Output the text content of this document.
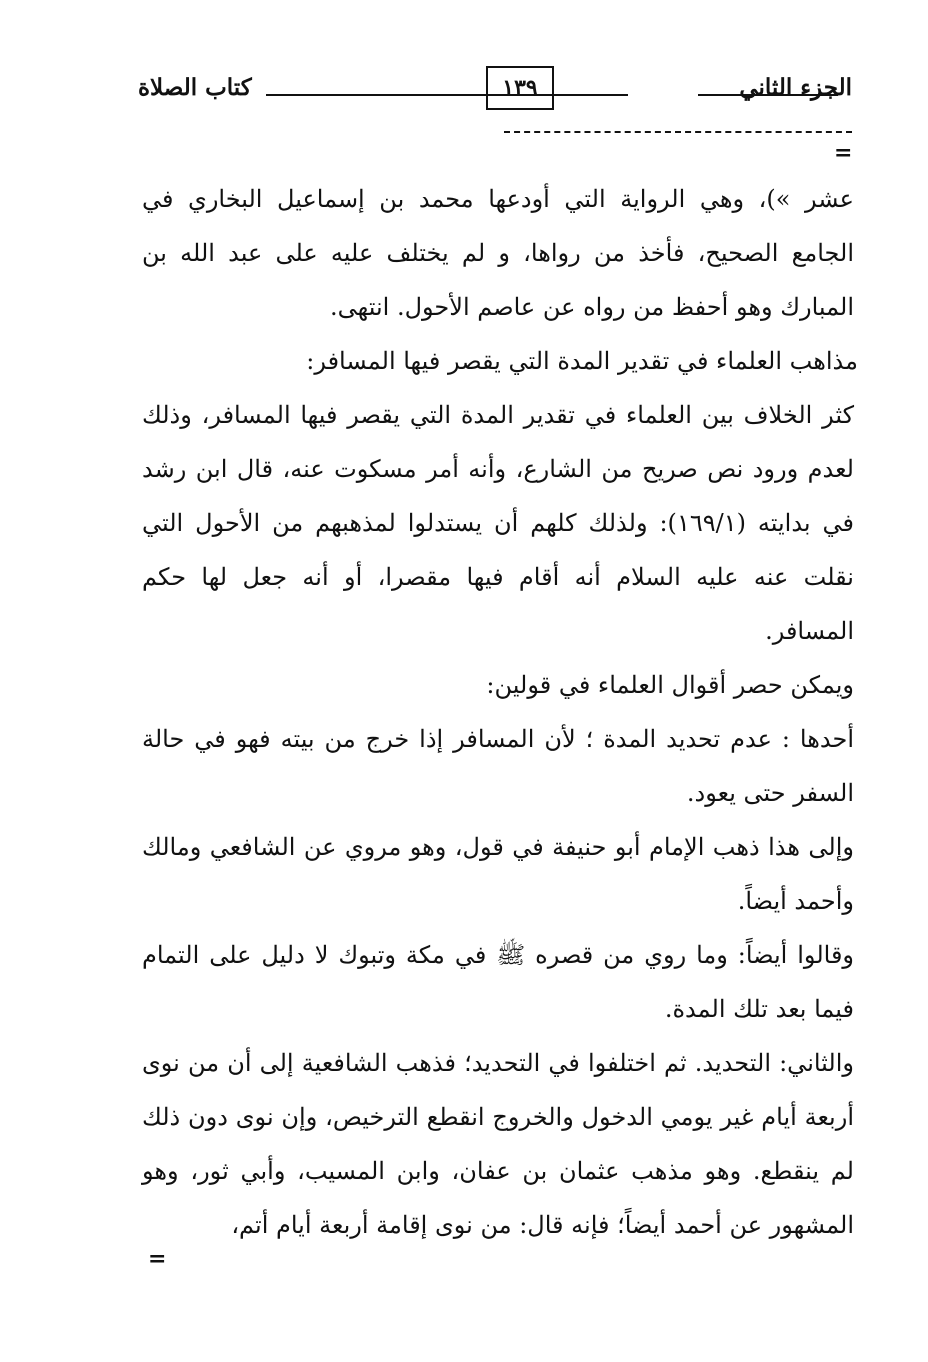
الجزء الثاني
١٣٩
كتاب الصلاة
=

عشر »)، وهي الرواية التي أودعها محمد بن إسماعيل البخاري في الجامع الصحيح، فأخذ من رواها، و لم يختلف عليه على عبد الله بن المبارك وهو أحفظ من رواه عن عاصم الأحول. انتهى.

مذاهب العلماء في تقدير المدة التي يقصر فيها المسافر:

كثر الخلاف بين العلماء في تقدير المدة التي يقصر فيها المسافر، وذلك لعدم ورود نص صريح من الشارع، وأنه أمر مسكوت عنه، قال ابن رشد في بدايته (١٦٩/١): ولذلك كلهم أن يستدلوا لمذهبهم من الأحول التي نقلت عنه عليه السلام أنه أقام فيها مقصرا، أو أنه جعل لها حكم المسافر.

ويمكن حصر أقوال العلماء في قولين:

أحدها : عدم تحديد المدة ؛ لأن المسافر إذا خرج من بيته فهو في حالة السفر حتى يعود.

وإلى هذا ذهب الإمام أبو حنيفة في قول، وهو مروي عن الشافعي ومالك وأحمد أيضاً.

وقالوا أيضاً: وما روي من قصره ﷺ في مكة وتبوك لا دليل على التمام فيما بعد تلك المدة.

والثاني: التحديد. ثم اختلفوا في التحديد؛ فذهب الشافعية إلى أن من نوى أربعة أيام غير يومي الدخول والخروج انقطع الترخيص، وإن نوى دون ذلك لم ينقطع. وهو مذهب عثمان بن عفان، وابن المسيب، وأبي ثور، وهو المشهور عن أحمد أيضاً؛ فإنه قال: من نوى إقامة أربعة أيام أتم،

=
